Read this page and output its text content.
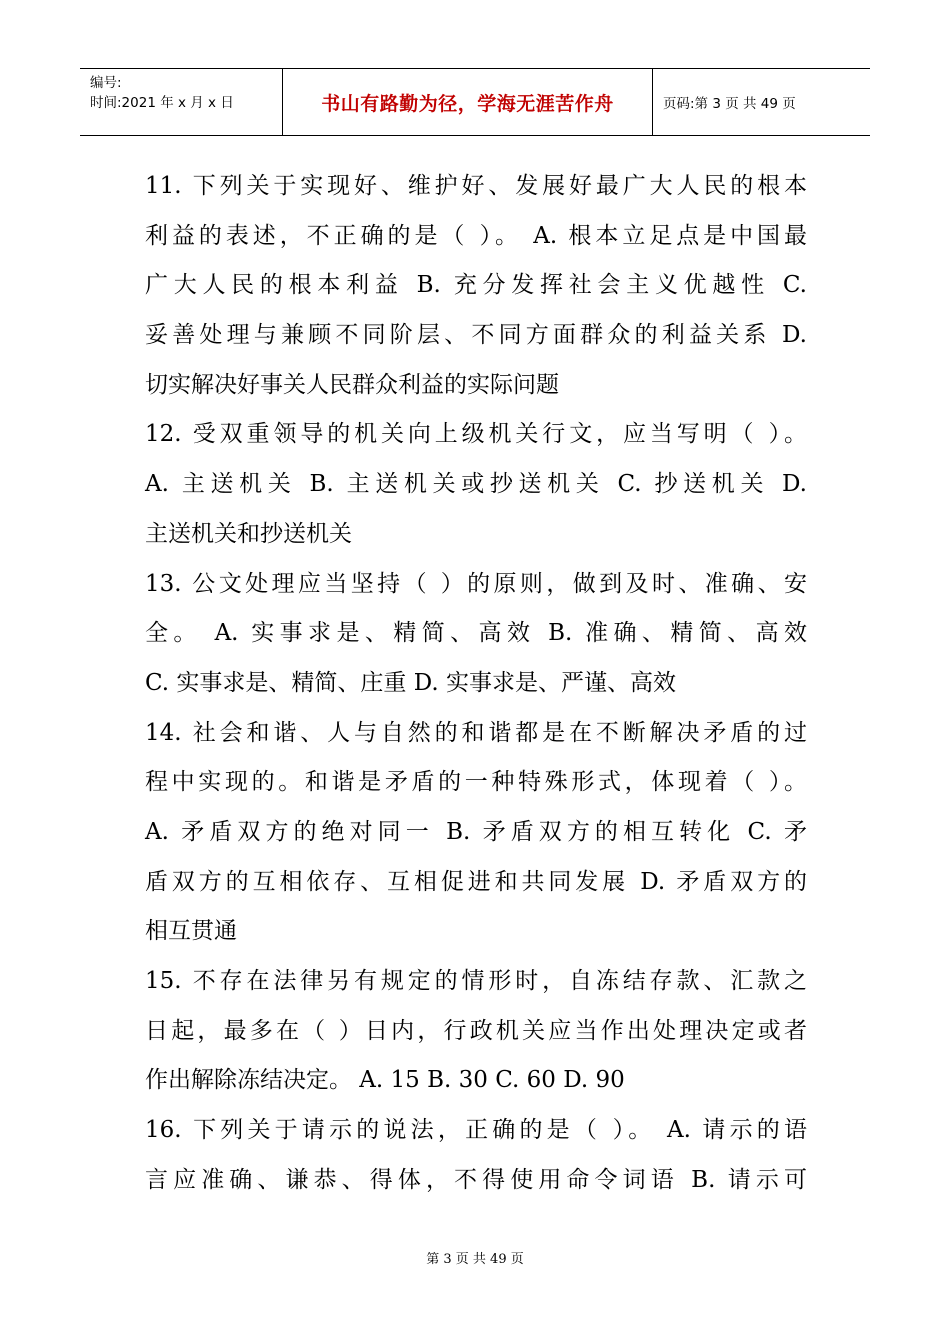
编号:
时间:2021 年 x 月 x 日	书山有路勤为径，学海无涯苦作舟	页码:第 3 页 共 49 页
11. 下列关于实现好、维护好、发展好最广大人民的根本
利益的表述，不正确的是（ ）。 A. 根本立足点是中国最
广大人民的根本利益 B. 充分发挥社会主义优越性 C.
妥善处理与兼顾不同阶层、不同方面群众的利益关系 D.
切实解决好事关人民群众利益的实际问题
12. 受双重领导的机关向上级机关行文，应当写明（ ）。
A. 主送机关 B. 主送机关或抄送机关 C. 抄送机关 D.
主送机关和抄送机关
13. 公文处理应当坚持（ ）的原则，做到及时、准确、安
全。 A. 实事求是、精简、高效 B. 准确、精简、高效
C. 实事求是、精简、庄重 D. 实事求是、严谨、高效
14. 社会和谐、人与自然的和谐都是在不断解决矛盾的过
程中实现的。和谐是矛盾的一种特殊形式，体现着（ ）。
A. 矛盾双方的绝对同一 B. 矛盾双方的相互转化 C. 矛
盾双方的互相依存、互相促进和共同发展 D. 矛盾双方的
相互贯通
15. 不存在法律另有规定的情形时，自冻结存款、汇款之
日起，最多在（ ）日内，行政机关应当作出处理决定或者
作出解除冻结决定。 A. 15 B. 30 C. 60 D. 90
16. 下列关于请示的说法，正确的是（ ）。 A. 请示的语
言应准确、谦恭、得体，不得使用命令词语 B. 请示可
第 3 页 共 49 页
